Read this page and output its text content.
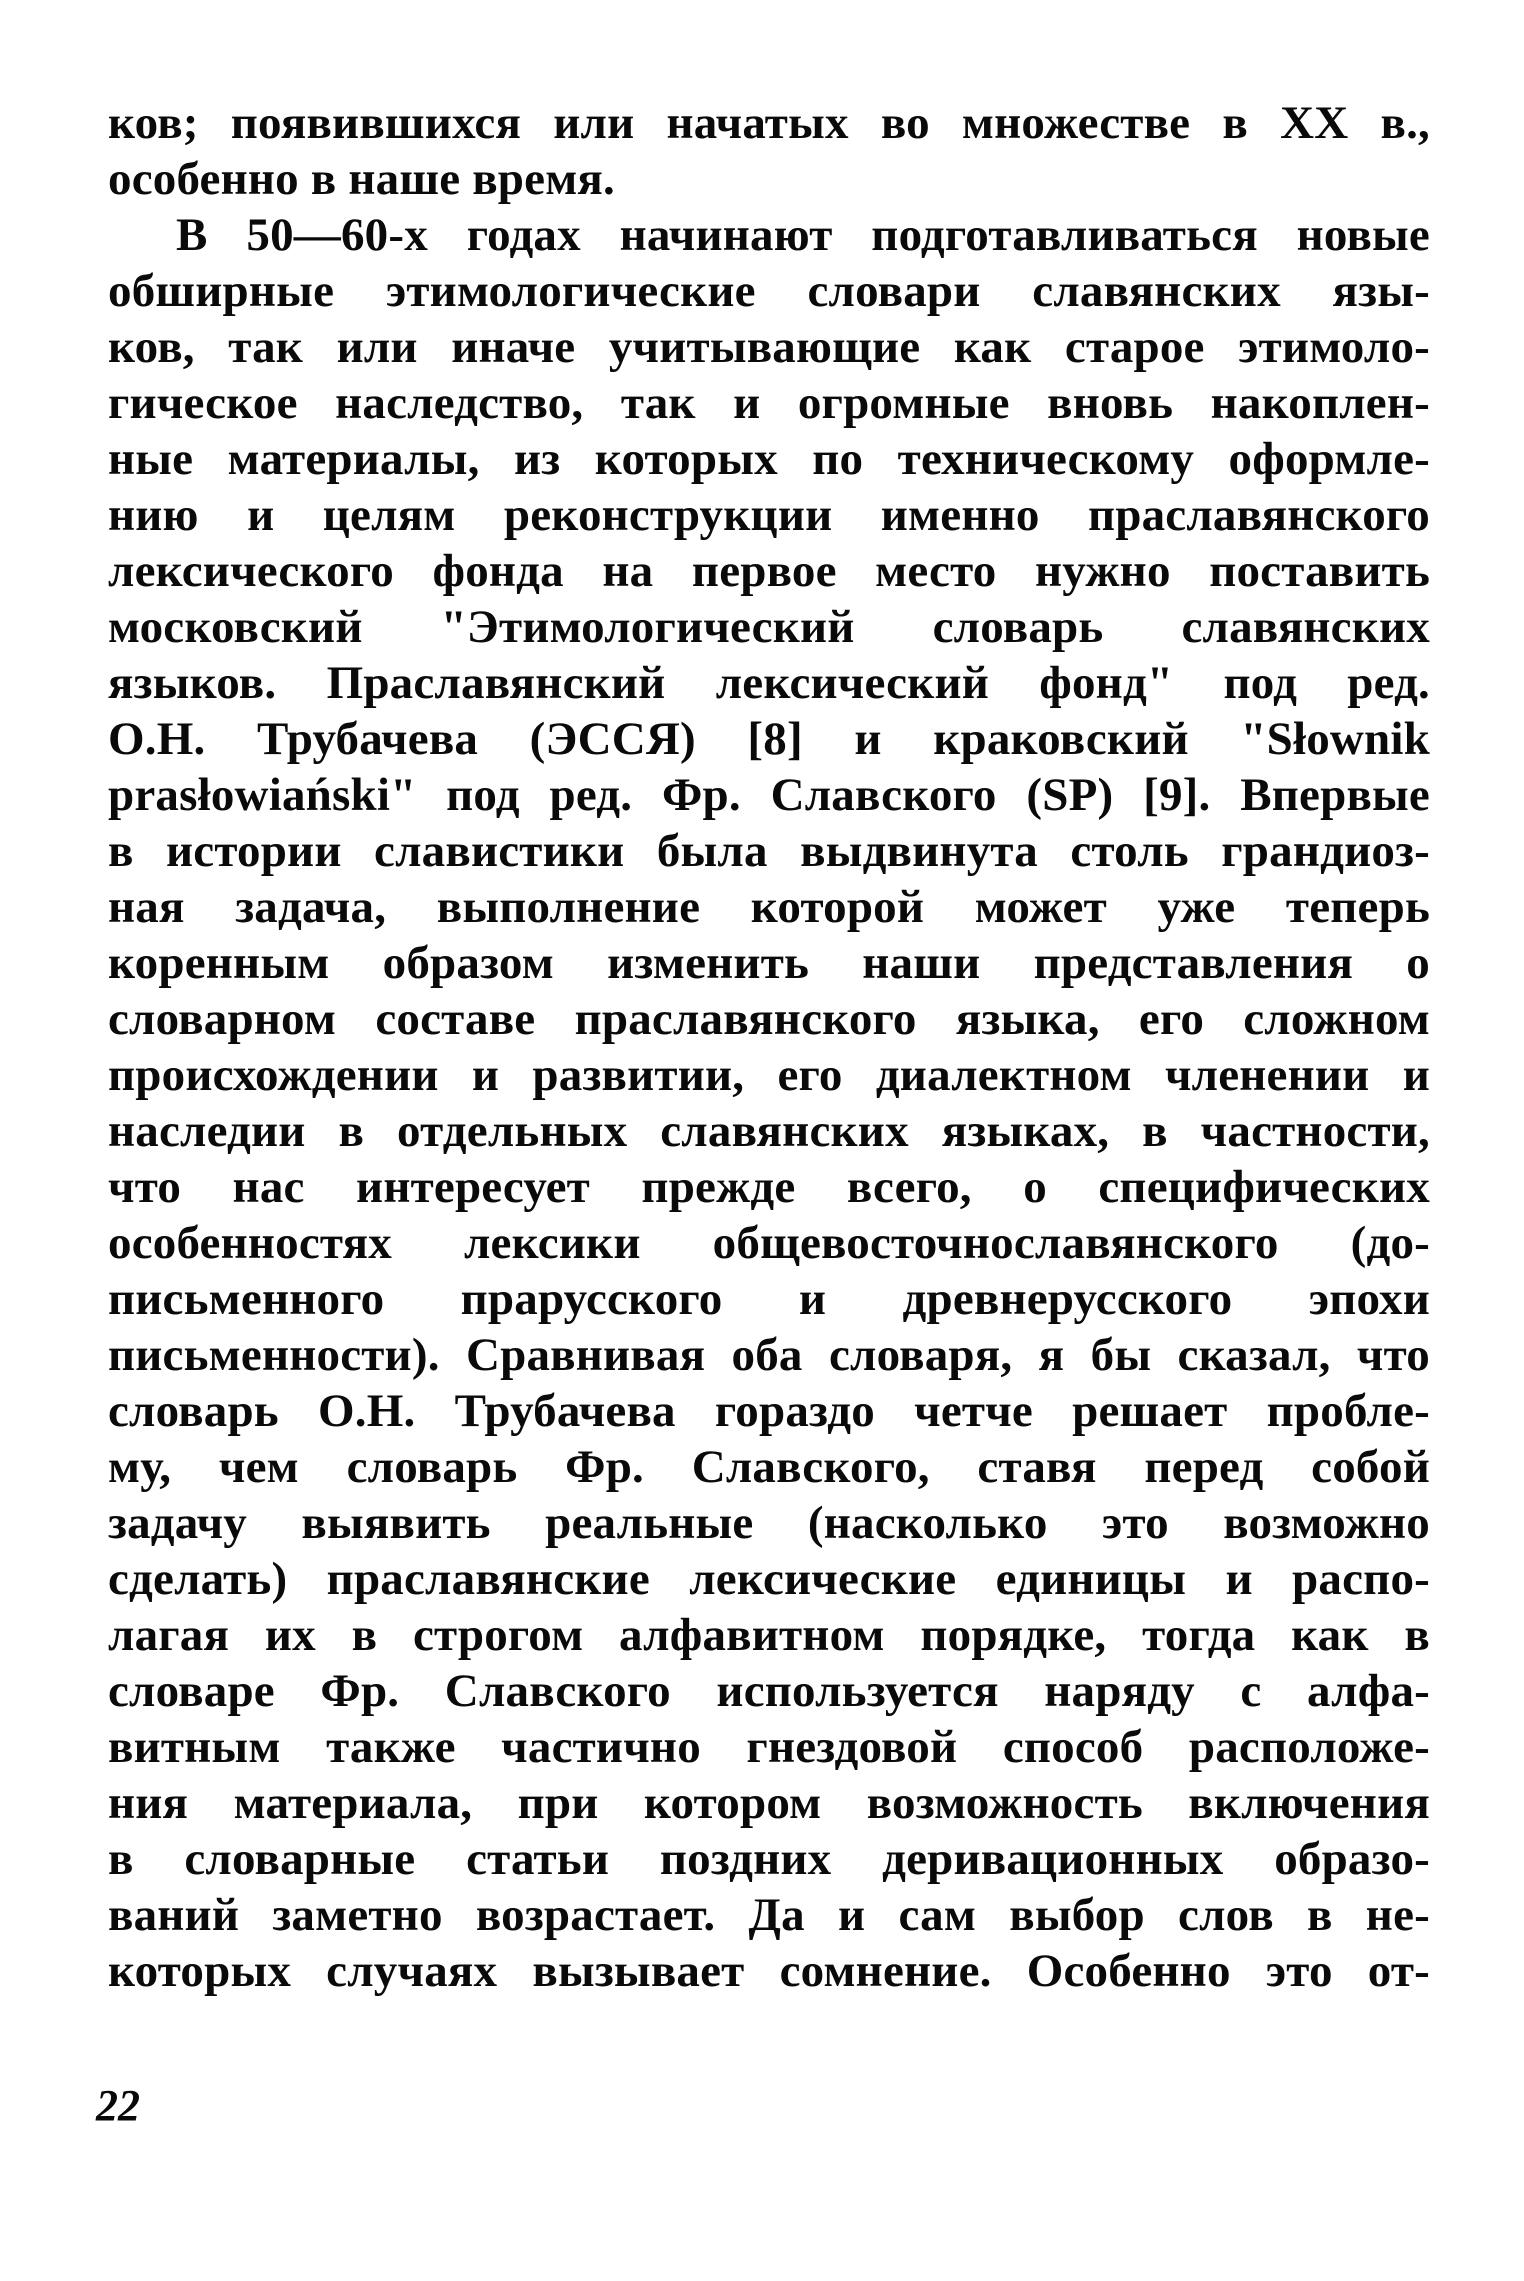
ков; появившихся или начатых во множестве в XX в.,
особенно в наше время.
В 50—60-х годах начинают подготавливаться новые
обширные этимологические словари славянских язы-
ков, так или иначе учитывающие как старое этимоло-
гическое наследство, так и огромные вновь накоплен-
ные материалы, из которых по техническому оформле-
нию и целям реконструкции именно праславянского
лексического фонда на первое место нужно поставить
московский "Этимологический словарь славянских
языков. Праславянский лексический фонд" под ред.
О.Н. Трубачева (ЭССЯ) [8] и краковский "Słownik
prasłowiański" под ред. Фр. Славского (SP) [9]. Впервые
в истории славистики была выдвинута столь грандиоз-
ная задача, выполнение которой может уже теперь
коренным образом изменить наши представления о
словарном составе праславянского языка, его сложном
происхождении и развитии, его диалектном членении и
наследии в отдельных славянских языках, в частности,
что нас интересует прежде всего, о специфических
особенностях лексики общевосточнославянского (до-
письменного прарусского и древнерусского эпохи
письменности). Сравнивая оба словаря, я бы сказал, что
словарь О.Н. Трубачева гораздо четче решает пробле-
му, чем словарь Фр. Славского, ставя перед собой
задачу выявить реальные (насколько это возможно
сделать) праславянские лексические единицы и распо-
лагая их в строгом алфавитном порядке, тогда как в
словаре Фр. Славского используется наряду с алфа-
витным также частично гнездовой способ расположе-
ния материала, при котором возможность включения
в словарные статьи поздних деривационных образо-
ваний заметно возрастает. Да и сам выбор слов в не-
которых случаях вызывает сомнение. Особенно это от-
22
